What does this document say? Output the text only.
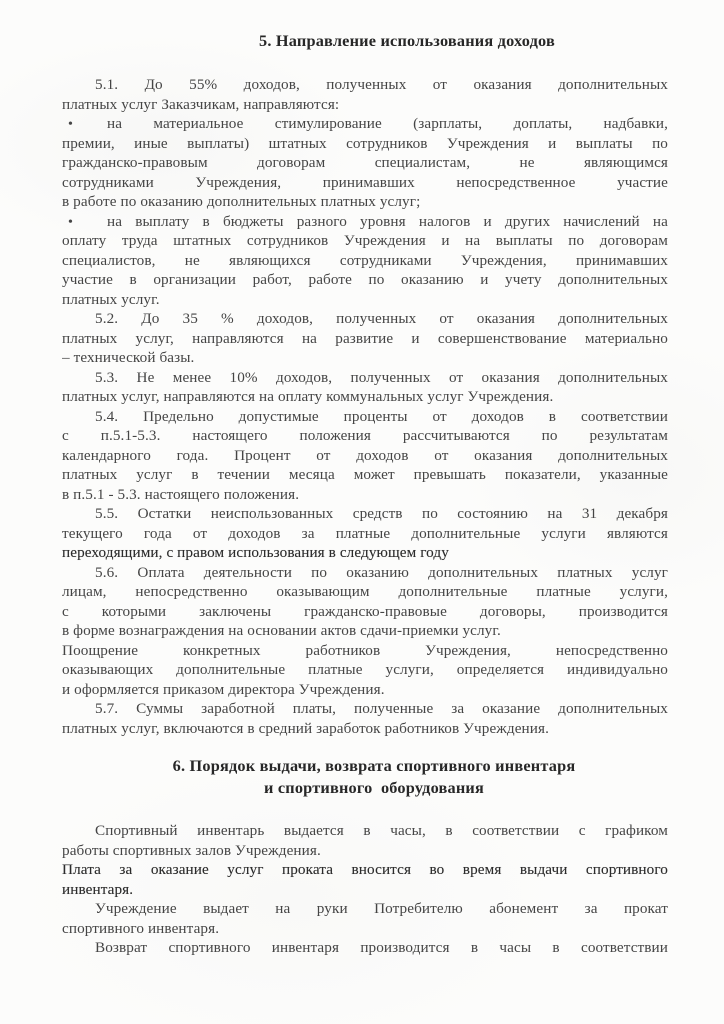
5. Направление использования доходов
5.1. До 55% доходов, полученных от оказания дополнительных
платных услуг Заказчикам, направляются:
• на материальное стимулирование (зарплаты, доплаты, надбавки,
премии, иные выплаты) штатных сотрудников Учреждения и выплаты по
гражданско-правовым договорам специалистам, не являющимся
сотрудниками Учреждения, принимавших непосредственное участие
в работе по оказанию дополнительных платных услуг;
• на выплату в бюджеты разного уровня налогов и других начислений на
оплату труда штатных сотрудников Учреждения и на выплаты по договорам
специалистов, не являющихся сотрудниками Учреждения, принимавших
участие в организации работ, работе по оказанию и учету дополнительных
платных услуг.
5.2. До 35 % доходов, полученных от оказания дополнительных
платных услуг, направляются на развитие и совершенствование материально
– технической базы.
5.3. Не менее 10% доходов, полученных от оказания дополнительных
платных услуг, направляются на оплату коммунальных услуг Учреждения.
5.4. Предельно допустимые проценты от доходов в соответствии
с п.5.1-5.3. настоящего положения рассчитываются по результатам
календарного года. Процент от доходов от оказания дополнительных
платных услуг в течении месяца может превышать показатели, указанные
в п.5.1 - 5.3. настоящего положения.
5.5. Остатки неиспользованных средств по состоянию на 31 декабря
текущего года от доходов за платные дополнительные услуги являются
переходящими, с правом использования в следующем году
5.6. Оплата деятельности по оказанию дополнительных платных услуг
лицам, непосредственно оказывающим дополнительные платные услуги,
с которыми заключены гражданско-правовые договоры, производится
в форме вознаграждения на основании актов сдачи-приемки услуг.
Поощрение конкретных работников Учреждения, непосредственно
оказывающих дополнительные платные услуги, определяется индивидуально
и оформляется приказом директора Учреждения.
5.7. Суммы заработной платы, полученные за оказание дополнительных
платных услуг, включаются в средний заработок работников Учреждения.
6. Порядок выдачи, возврата спортивного инвентаря
и спортивного  оборудования
Спортивный инвентарь выдается в часы, в соответствии с графиком
работы спортивных залов Учреждения.
Плата за оказание услуг проката вносится во время выдачи спортивного
инвентаря.
Учреждение выдает на руки Потребителю абонемент за прокат
спортивного инвентаря.
Возврат спортивного инвентаря производится в часы в соответствии
